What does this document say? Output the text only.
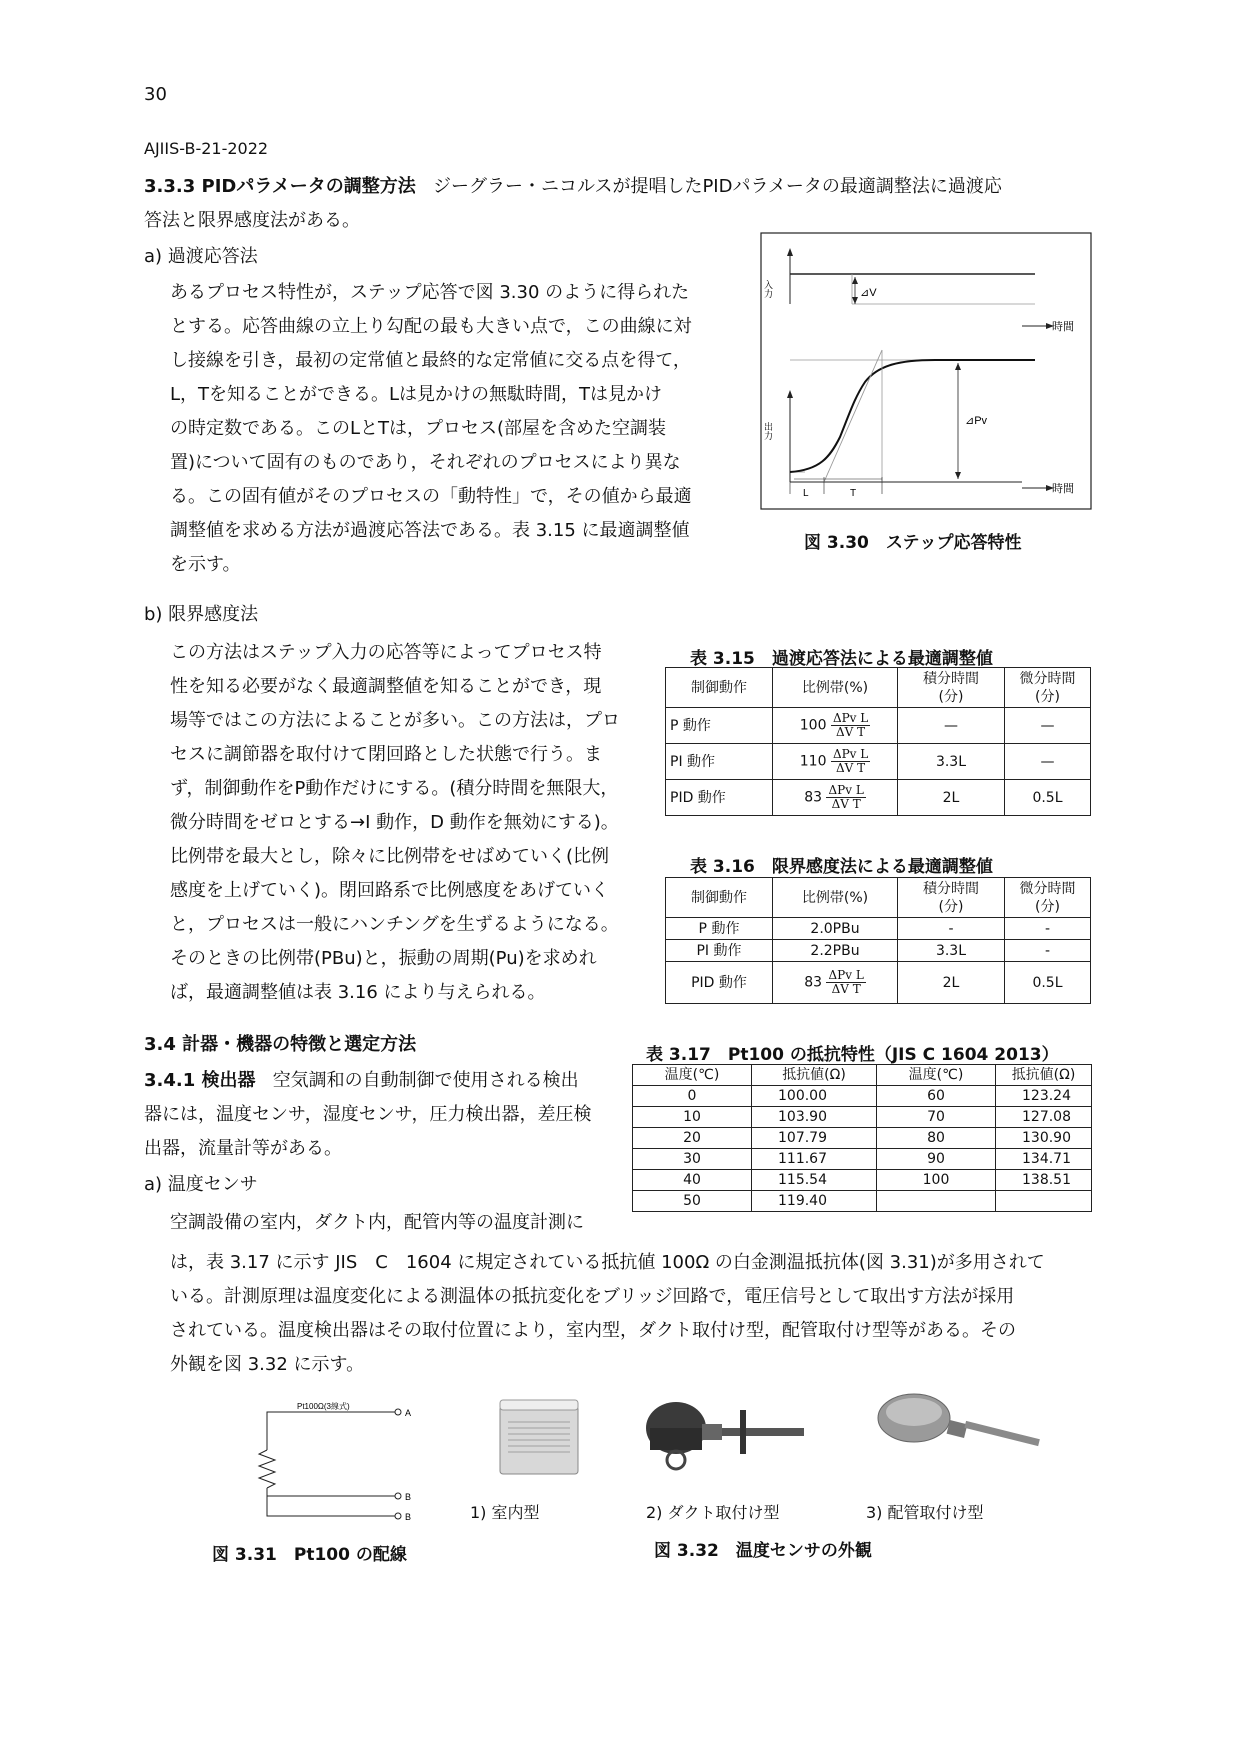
30
AJIIS-B-21-2022
3.3.3 PIDパラメータの調整方法 ジーグラー・ニコルスが提唱したPIDパラメータの最適調整法に過渡応
答法と限界感度法がある。
a) 過渡応答法
あるプロセス特性が，ステップ応答で図 3.30 のように得られた
とする。応答曲線の立上り勾配の最も大きい点で，この曲線に対
し接線を引き，最初の定常値と最終的な定常値に交る点を得て，
L，Tを知ることができる。Lは見かけの無駄時間，Tは見かけ
の時定数である。このLとTは，プロセス(部屋を含めた空調装
置)について固有のものであり，それぞれのプロセスにより異な
る。この固有値がそのプロセスの「動特性」で，その値から最適
調整値を求める方法が過渡応答法である。表 3.15 に最適調整値
を示す。
入力
出力
時間
時間
⊿V
⊿Pv
L	T
図 3.30　ステップ応答特性
b) 限界感度法
この方法はステップ入力の応答等によってプロセス特
性を知る必要がなく最適調整値を知ることができ，現
場等ではこの方法によることが多い。この方法は，プロ
セスに調節器を取付けて閉回路とした状態で行う。ま
ず，制御動作をP動作だけにする。(積分時間を無限大，
微分時間をゼロとする→I 動作，D 動作を無効にする)。
比例帯を最大とし，除々に比例帯をせばめていく(比例
感度を上げていく)。閉回路系で比例感度をあげていく
と，プロセスは一般にハンチングを生ずるようになる。
そのときの比例帯(PBu)と，振動の周期(Pu)を求めれ
ば，最適調整値は表 3.16 により与えられる。
表 3.15　過渡応答法による最適調整値
制御動作	比例帯(%)	積分時間
(分)	微分時間
(分)
P 動作	$100 \frac{\text{ΔPv L}}{\text{ΔV T}}$	—	—
PI 動作	$110 \frac{\text{ΔPv L}}{\text{ΔV T}}$	3.3L	—
PID 動作	$83 \frac{\text{ΔPv L}}{\text{ΔV T}}$	2L	0.5L
表 3.16　限界感度法による最適調整値
制御動作	比例帯(%)	積分時間
(分)	微分時間
(分)
P 動作	2.0PBu	-	-
PI 動作	2.2PBu	3.3L	-
PID 動作	$83 \frac{\text{ΔPv L}}{\text{ΔV T}}$	2L	0.5L
3.4 計器・機器の特徴と選定方法
3.4.1 検出器 空気調和の自動制御で使用される検出
器には，温度センサ，湿度センサ，圧力検出器，差圧検
出器，流量計等がある。
a) 温度センサ
空調設備の室内，ダクト内，配管内等の温度計測に
は，表 3.17 に示す JIS　C　1604 に規定されている抵抗値 100Ω の白金測温抵抗体(図 3.31)が多用されて
いる。計測原理は温度変化による測温体の抵抗変化をブリッジ回路で，電圧信号として取出す方法が採用
されている。温度検出器はその取付位置により，室内型，ダクト取付け型，配管取付け型等がある。その
外観を図 3.32 に示す。
表 3.17　Pt100 の抵抗特性（JIS C 1604 2013）
温度(℃)	抵抗値(Ω)	温度(℃)	抵抗値(Ω)
0	100.00	60	123.24
10	103.90	70	127.08
20	107.79	80	130.90
30	111.67	90	134.71
40	115.54	100	138.51
50	119.40		
Pt100Ω(3線式)
A
B
B
図 3.31　Pt100 の配線
1) 室内型	2) ダクト取付け型	3) 配管取付け型
図 3.32　温度センサの外観
